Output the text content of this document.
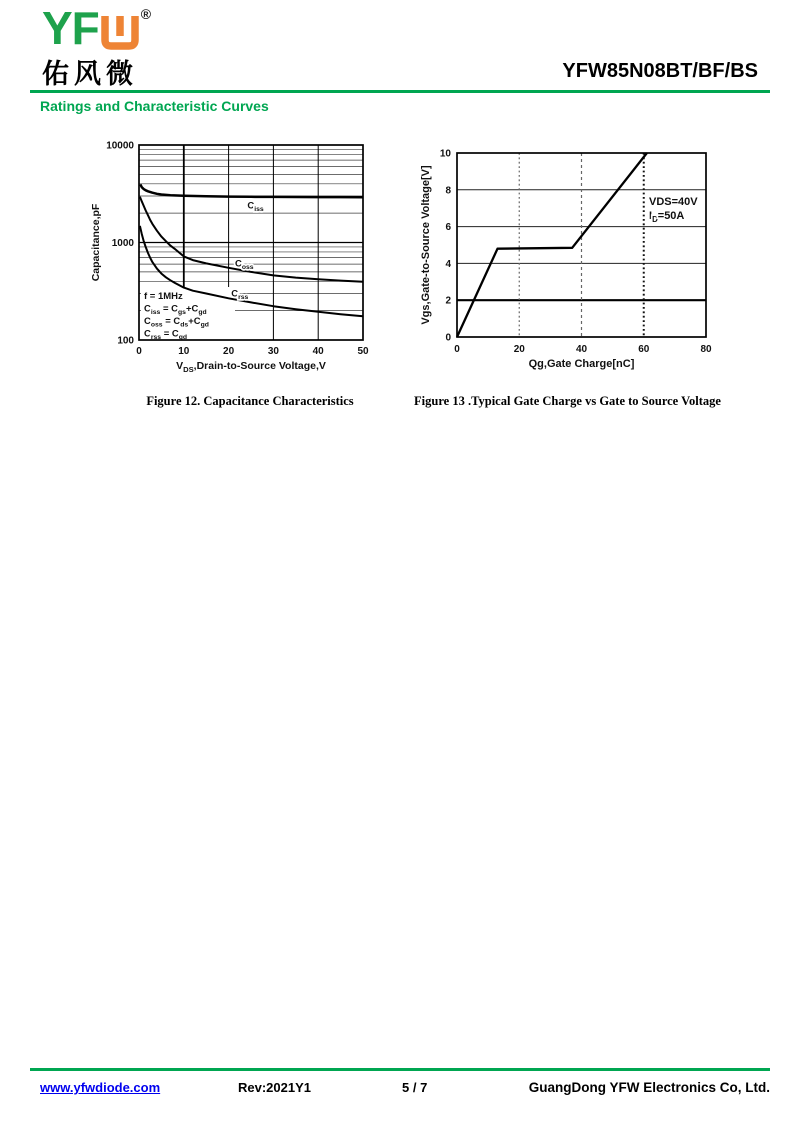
YF	®
佑风微	YFW85N08BT/BF/BS
Ratings and Characteristic Curves
$C_{iss}$
$C_{oss}$
$C_{rss}$
f = 1MHz
$C_{iss} = C_{gs}+C_{gd}$
$C_{oss} = C_{ds}+C_{gd}$
$C_{rss} = C_{gd}$
100
1000
10000
0	10	20	30	40	50
$V_{DS},Drain-to$-Source Voltage,V
Capacitance,pF
VDS=40V
$I_D=50A$
0
2
4
6
8
10
0	20	40	60	80
Qg,Gate Charge[nC]
Vgs,Gate-to-Source Voltage[V]
Figure 12. Capacitance Characteristics	Figure 13 .Typical Gate Charge vs Gate to Source Voltage
www.yfwdiode.com	Rev:2021Y1	5 / 7	GuangDong YFW Electronics Co, Ltd.
